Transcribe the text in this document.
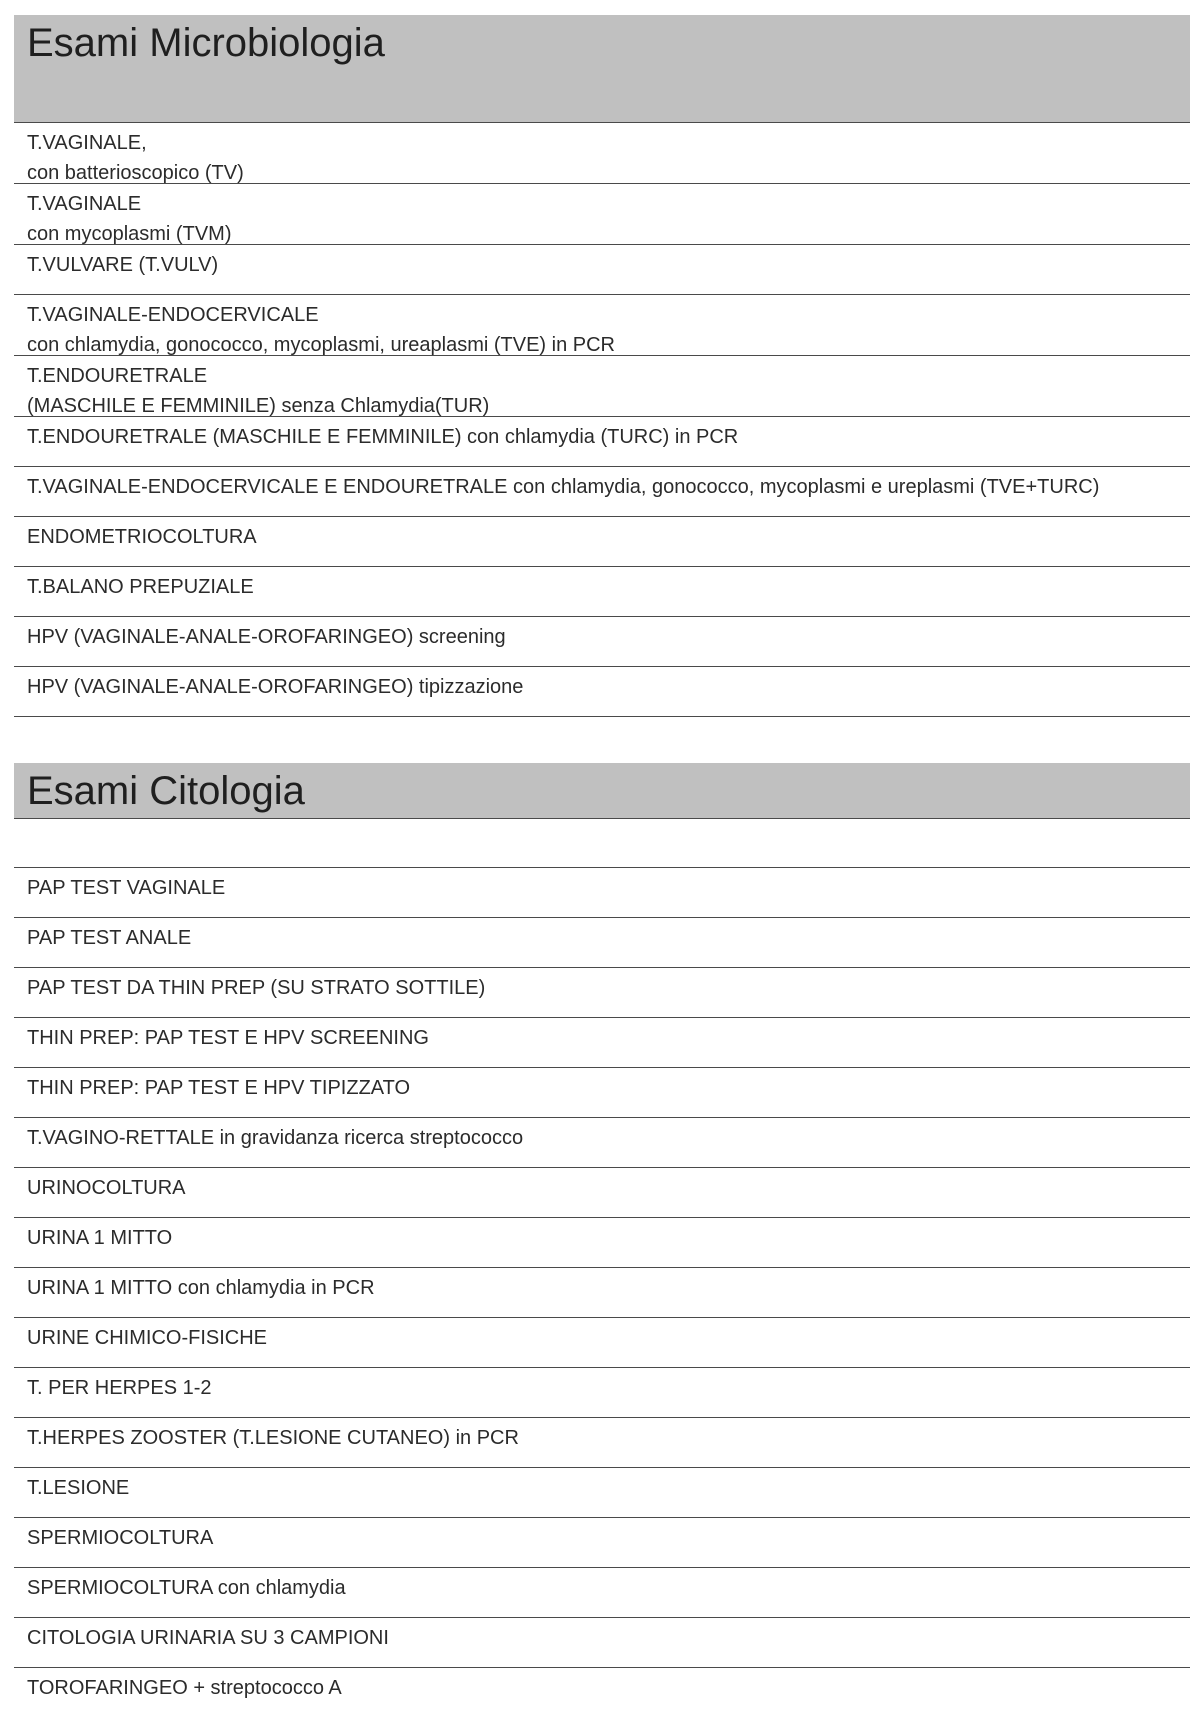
Esami Microbiologia
T.VAGINALE,
con batterioscopico (TV)
T.VAGINALE
con mycoplasmi (TVM)
T.VULVARE (T.VULV)
T.VAGINALE-ENDOCERVICALE
con chlamydia, gonococco, mycoplasmi, ureaplasmi (TVE) in PCR
T.ENDOURETRALE
(MASCHILE E FEMMINILE) senza Chlamydia(TUR)
T.ENDOURETRALE (MASCHILE E FEMMINILE) con chlamydia (TURC) in PCR
T.VAGINALE-ENDOCERVICALE E ENDOURETRALE con chlamydia, gonococco, mycoplasmi e ureplasmi (TVE+TURC)
ENDOMETRIOCOLTURA
T.BALANO PREPUZIALE
HPV (VAGINALE-ANALE-OROFARINGEO) screening
HPV (VAGINALE-ANALE-OROFARINGEO) tipizzazione
Esami Citologia
PAP TEST VAGINALE
PAP TEST ANALE
PAP TEST DA THIN PREP (SU STRATO SOTTILE)
THIN PREP: PAP TEST E HPV SCREENING
THIN PREP: PAP TEST E HPV TIPIZZATO
T.VAGINO-RETTALE in gravidanza ricerca streptococco
URINOCOLTURA
URINA 1 MITTO
URINA 1 MITTO con chlamydia in PCR
URINE CHIMICO-FISICHE
T. PER HERPES 1-2
T.HERPES ZOOSTER (T.LESIONE CUTANEO) in PCR
T.LESIONE
SPERMIOCOLTURA
SPERMIOCOLTURA con chlamydia
CITOLOGIA URINARIA SU 3 CAMPIONI
TOROFARINGEO + streptococco A
